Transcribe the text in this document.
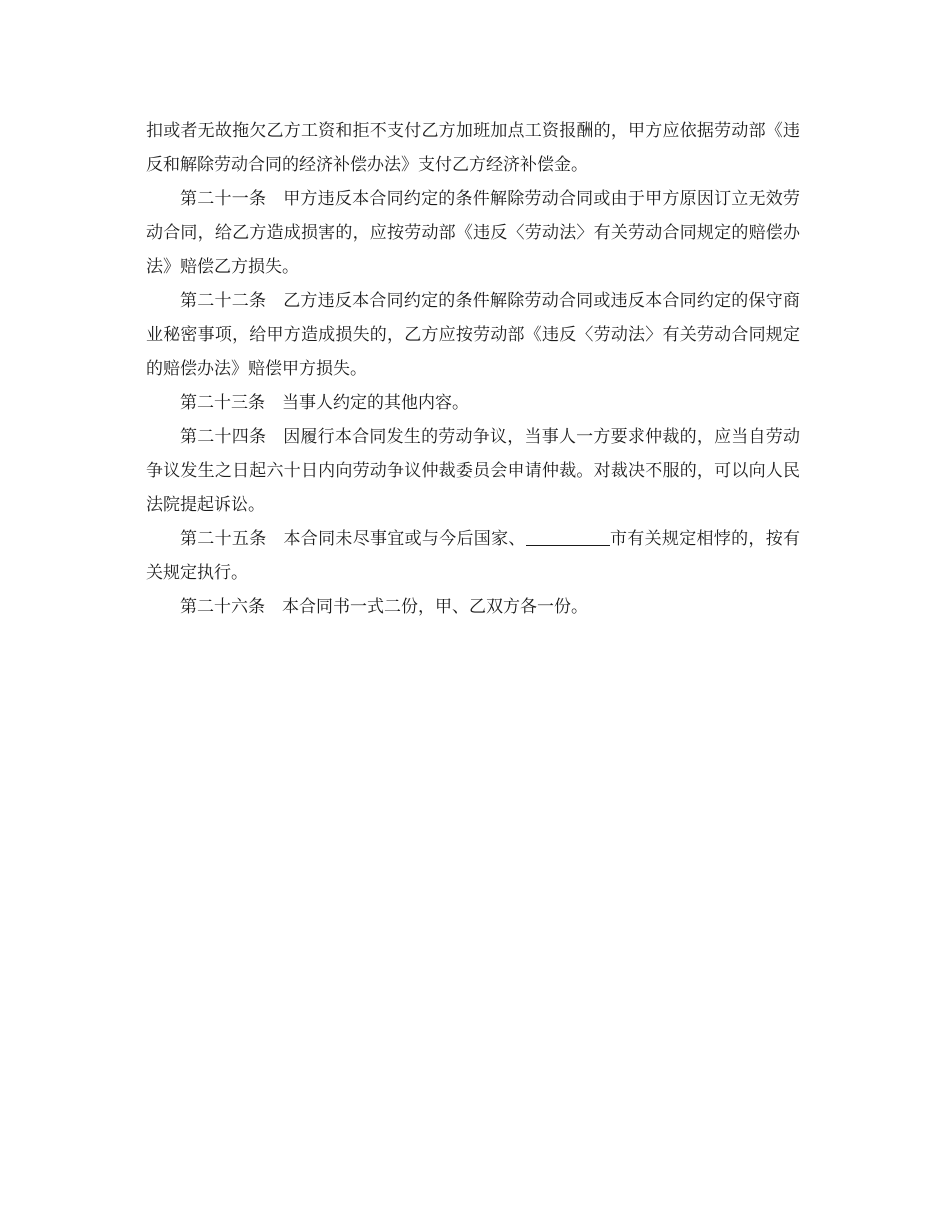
扣或者无故拖欠乙方工资和拒不支付乙方加班加点工资报酬的，甲方应依据劳动部《违反和解除劳动合同的经济补偿办法》支付乙方经济补偿金。

第二十一条 甲方违反本合同约定的条件解除劳动合同或由于甲方原因订立无效劳动合同，给乙方造成损害的，应按劳动部《违反〈劳动法〉有关劳动合同规定的赔偿办法》赔偿乙方损失。

第二十二条 乙方违反本合同约定的条件解除劳动合同或违反本合同约定的保守商业秘密事项，给甲方造成损失的，乙方应按劳动部《违反〈劳动法〉有关劳动合同规定的赔偿办法》赔偿甲方损失。

第二十三条 当事人约定的其他内容。

第二十四条 因履行本合同发生的劳动争议，当事人一方要求仲裁的，应当自劳动争议发生之日起六十日内向劳动争议仲裁委员会申请仲裁。对裁决不服的，可以向人民法院提起诉讼。

第二十五条 本合同未尽事宜或与今后国家、	市有关规定相悖的，按有关规定执行。

第二十六条 本合同书一式二份，甲、乙双方各一份。
